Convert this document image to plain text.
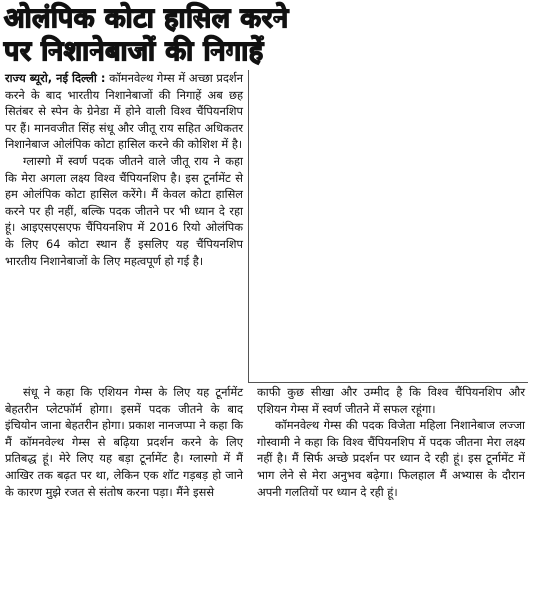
ओलंपिक कोटा हासिल करने
पर निशानेबाजों की निगाहें

राज्य ब्यूरो, नई दिल्ली : कॉमनवेल्थ गेम्स में अच्छा प्रदर्शन करने के बाद भारतीय निशानेबाजों की निगाहें अब छह सितंबर से स्पेन के ग्रेनेडा में होने वाली विश्व चैंपियनशिप पर हैं। मानवजीत सिंह संधू और जीतू राय सहित अधिकतर निशानेबाज ओलंपिक कोटा हासिल करने की कोशिश में है।

ग्लास्गो में स्वर्ण पदक जीतने वाले जीतू राय ने कहा कि मेरा अगला लक्ष्य विश्व चैंपियनशिप है। इस टूर्नामेंट से हम ओलंपिक कोटा हासिल करेंगे। मैं केवल कोटा हासिल करने पर ही नहीं, बल्कि पदक जीतने पर भी ध्यान दे रहा हूं। आइएसएसएफ चैंपियनशिप में 2016 रियो ओलंपिक के लिए 64 कोटा स्थान हैं इसलिए यह चैंपियनशिप भारतीय निशानेबाजों के लिए महत्वपूर्ण हो गई है।

संधू ने कहा कि एशियन गेम्स के लिए यह टूर्नामेंट बेहतरीन प्लेटफॉर्म होगा। इसमें पदक जीतने के बाद इंचियोन जाना बेहतरीन होगा। प्रकाश नानजप्पा ने कहा कि मैं कॉमनवेल्थ गेम्स से बढ़िया प्रदर्शन करने के लिए प्रतिबद्ध हूं। मेरे लिए यह बड़ा टूर्नामेंट है। ग्लास्गो में मैं आखिर तक बढ़त पर था, लेकिन एक शॉट गड़बड़ हो जाने के कारण मुझे रजत से संतोष करना पड़ा। मैंने इससे

काफी कुछ सीखा और उम्मीद है कि विश्व चैंपियनशिप और एशियन गेम्स में स्वर्ण जीतने में सफल रहूंगा।

कॉमनवेल्थ गेम्स की पदक विजेता महिला निशानेबाज लज्जा गोस्वामी ने कहा कि विश्व चैंपियनशिप में पदक जीतना मेरा लक्ष्य नहीं है। मैं सिर्फ अच्छे प्रदर्शन पर ध्यान दे रही हूं। इस टूर्नामेंट में भाग लेने से मेरा अनुभव बढ़ेगा। फिलहाल मैं अभ्यास के दौरान अपनी गलतियों पर ध्यान दे रही हूं।
